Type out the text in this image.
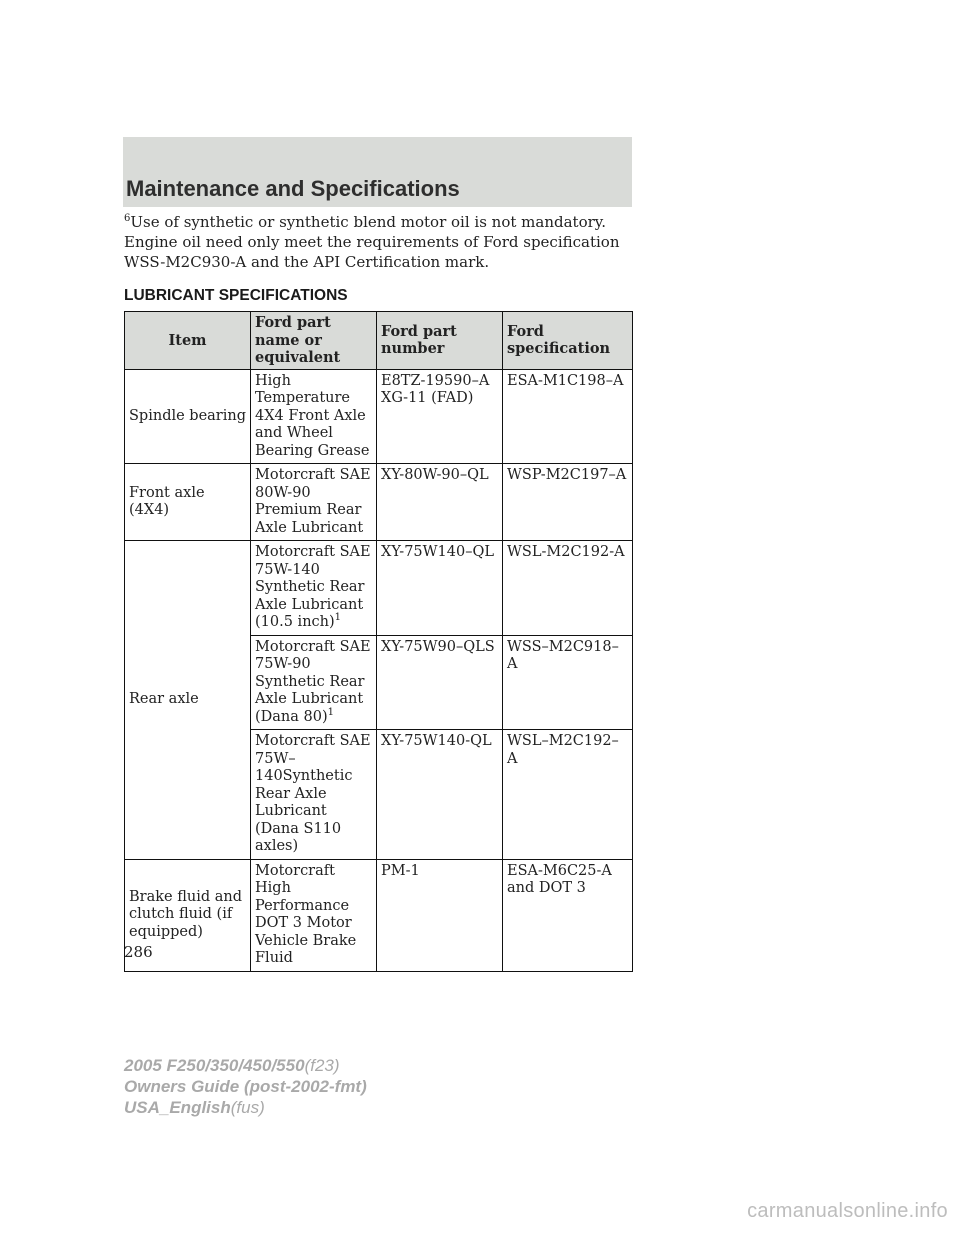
Maintenance and Specifications
$^6$Use of synthetic or synthetic blend motor oil is not mandatory. Engine oil need only meet the requirements of Ford specification WSS-M2C930-A and the API Certification mark.
LUBRICANT SPECIFICATIONS
Item	Ford part name or equivalent	Ford part number	Ford specification
Spindle bearing	High Temperature 4X4 Front Axle and Wheel Bearing Grease	E8TZ-19590–A XG-11 (FAD)	ESA-M1C198–A
Front axle (4X4)	Motorcraft SAE 80W-90 Premium Rear Axle Lubricant	XY-80W-90–QL	WSP-M2C197–A
Rear axle	Motorcraft SAE 75W-140 Synthetic Rear Axle Lubricant (10.5 inch)$^1$	XY-75W140–QL	WSL-M2C192-A
	Motorcraft SAE 75W-90 Synthetic Rear Axle Lubricant (Dana 80)$^1$	XY-75W90–QLS	WSS–M2C918–A
	Motorcraft SAE 75W–140Synthetic Rear Axle Lubricant (Dana S110 axles)	XY-75W140-QL	WSL–M2C192–A
Brake fluid and clutch fluid (if equipped)	Motorcraft High Performance DOT 3 Motor Vehicle Brake Fluid	PM-1	ESA-M6C25-A and DOT 3
286
2005 F250/350/450/550(f23)
Owners Guide (post-2002-fmt)
USA_English(fus)
carmanualsonline.info
